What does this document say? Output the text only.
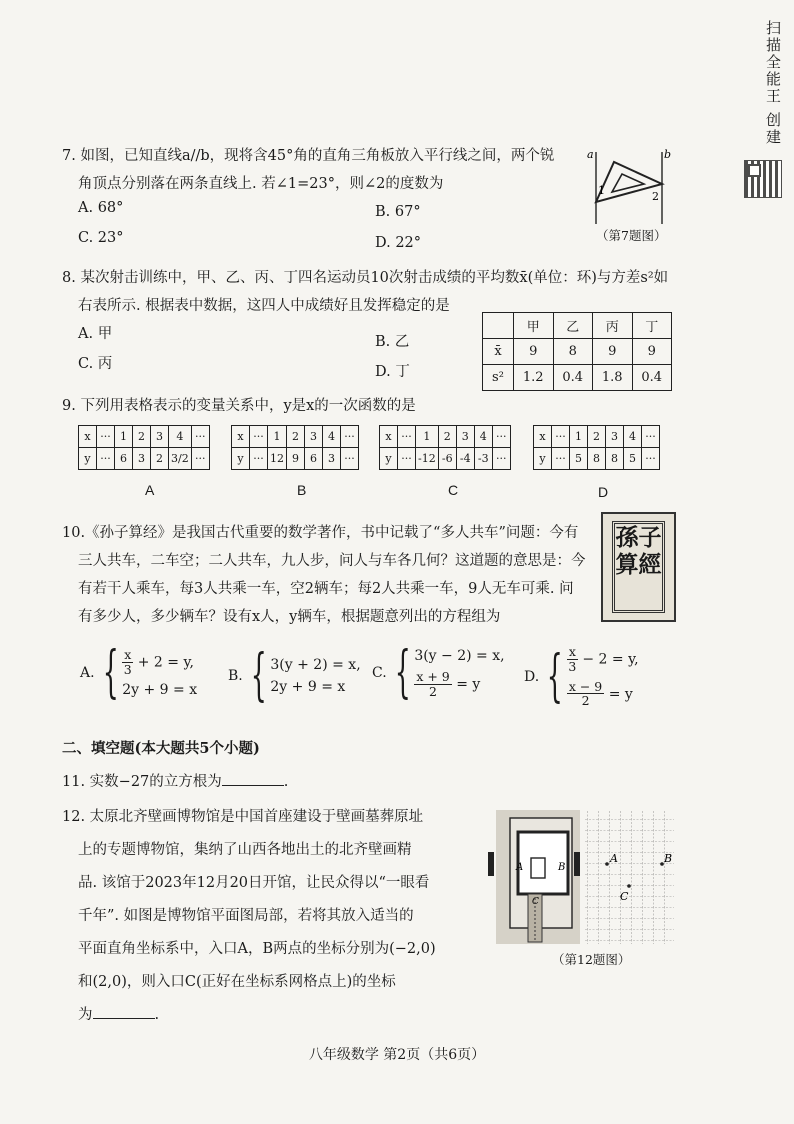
扫描全能王 创建
7. 如图，已知直线a//b，现将含45°角的直角三角板放入平行线之间，两个锐
角顶点分别落在两条直线上. 若∠1=23°，则∠2的度数为
A. 68°	B. 67°
C. 23°	D. 22°
a	b
1	2
（第7题图）
8. 某次射击训练中，甲、乙、丙、丁四名运动员10次射击成绩的平均数x̄(单位：环)与方差s²如
右表所示. 根据表中数据，这四人中成绩好且发挥稳定的是
A. 甲	B. 乙
C. 丙	D. 丁
	甲	乙	丙	丁
x̄	9	8	9	9
s²	1.2	0.4	1.8	0.4
9. 下列用表格表示的变量关系中，y是x的一次函数的是
x	···	1	2	3	4	···
y	···	6	3	2	3/2	···
A
x	···	1	2	3	4	···
y	···	12	9	6	3	···
B
x	···	1	2	3	4	···
y	···	-12	-6	-4	-3	···
C
x	···	1	2	3	4	···
y	···	5	8	8	5	···
D
10.《孙子算经》是我国古代重要的数学著作，书中记载了“多人共车”问题：今有
三人共车，二车空；二人共车，九人步，问人与车各几何？这道题的意思是：今
有若干人乘车，每3人共乘一车，空2辆车；每2人共乘一车，9人无车可乘. 问
有多少人，多少辆车？设有x人，y辆车，根据题意列出的方程组为
孫子
算經
A. { $\frac{x}{3} + 2 = y$,
2y + 9 = x
B. { 3(y + 2) = x,
2y + 9 = x
C. { 3(y − 2) = x,
$\frac{x + 9}{2} = y$	D. { $\frac{x}{3} - 2 = y$,
$\frac{x - 9}{2} = y$
二、填空题(本大题共5个小题)
11. 实数−27的立方根为	.
12. 太原北齐壁画博物馆是中国首座建设于壁画墓葬原址
上的专题博物馆，集纳了山西各地出土的北齐壁画精
品. 该馆于2023年12月20日开馆，让民众得以“一眼看
千年”. 如图是博物馆平面图局部，若将其放入适当的
平面直角坐标系中，入口A，B两点的坐标分别为(−2,0)
和(2,0)，则入口C(正好在坐标系网格点上)的坐标
为	.
A	B
C
A	B
C
（第12题图）
八年级数学 第2页（共6页）
